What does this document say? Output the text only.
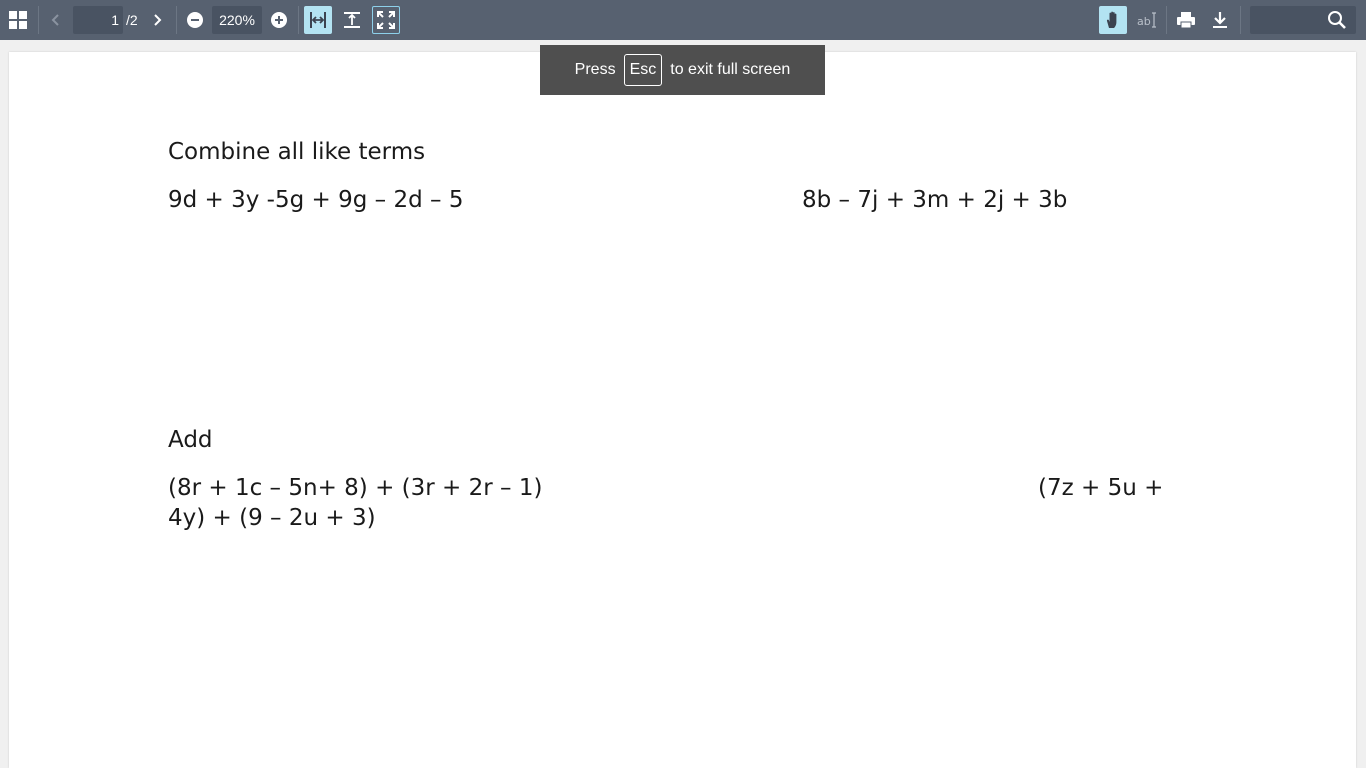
1
/2
220%	ab
Combine all like terms
9d + 3y -5g + 9g – 2d – 5	8b – 7j + 3m + 2j + 3b
Add
(8r + 1c – 5n+ 8) + (3r + 2r – 1)
4y) + (9 – 2u + 3)
(7z + 5u +
Press Esc to exit full screen
